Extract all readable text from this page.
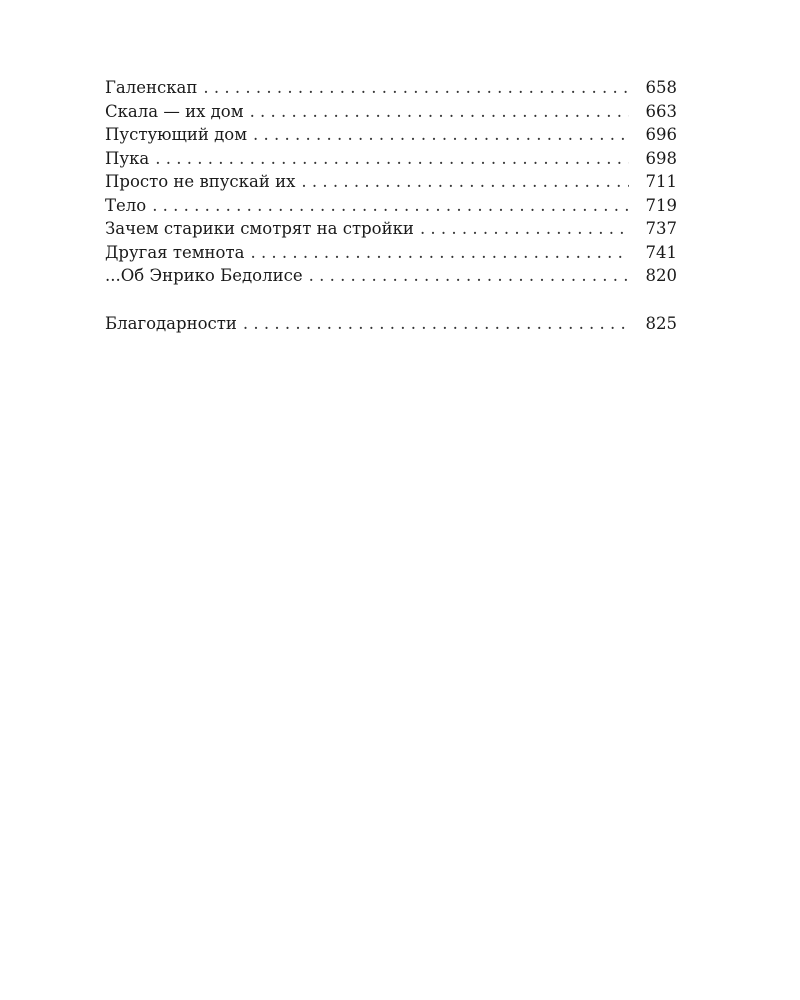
Галенскап . . .	658
Скала — их дом . . .	663
Пустующий дом . . .	696
Пука . . .	698
Просто не впускай их . . .	711
Тело . . .	719
Зачем старики смотрят на стройки . . .	737
Другая темнота . . .	741
...Об Энрико Бедолисе . . .	820
Благодарности . . .	825
